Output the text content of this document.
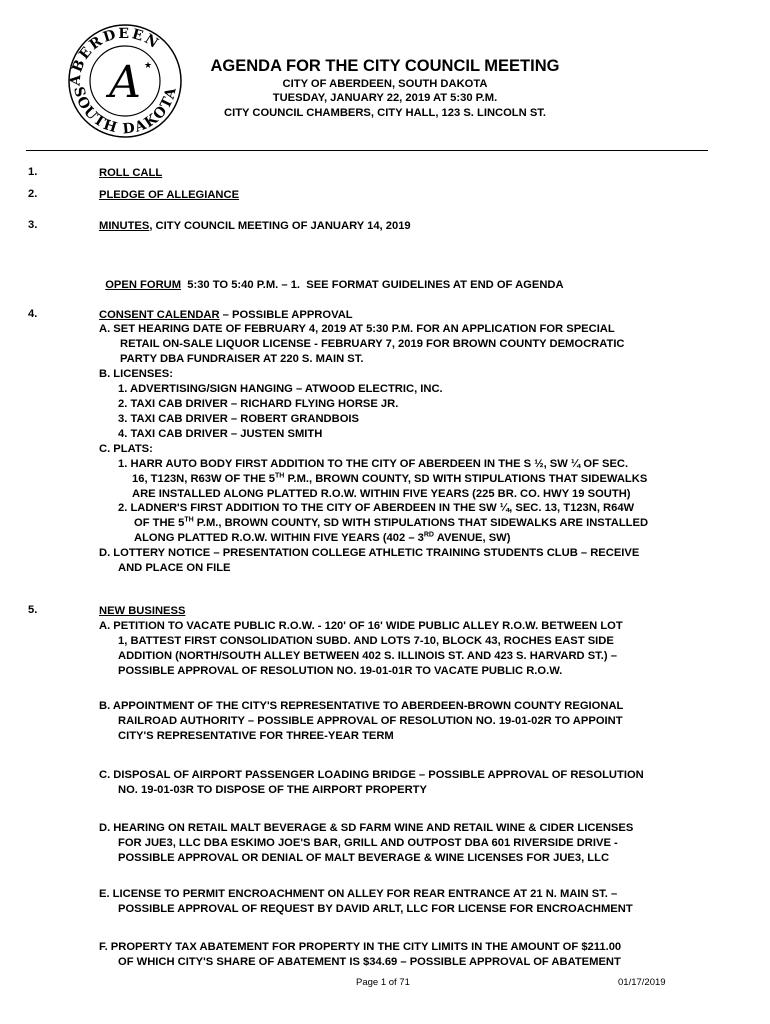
ABERDEEN
SOUTH DAKOTA
A ★	AGENDA FOR THE CITY COUNCIL MEETING
CITY OF ABERDEEN, SOUTH DAKOTA
TUESDAY, JANUARY 22, 2019 AT 5:30 P.M.
CITY COUNCIL CHAMBERS, CITY HALL, 123 S. LINCOLN ST.
1.	ROLL CALL
2.	PLEDGE OF ALLEGIANCE
3.	MINUTES, CITY COUNCIL MEETING OF JANUARY 14, 2019

OPEN FORUM  5:30 TO 5:40 P.M. – 1.  SEE FORMAT GUIDELINES AT END OF AGENDA

4.	CONSENT CALENDAR – POSSIBLE APPROVAL
A. SET HEARING DATE OF FEBRUARY 4, 2019 AT 5:30 P.M. FOR AN APPLICATION FOR SPECIAL
RETAIL ON-SALE LIQUOR LICENSE - FEBRUARY 7, 2019 FOR BROWN COUNTY DEMOCRATIC
PARTY DBA FUNDRAISER AT 220 S. MAIN ST.
B. LICENSES:
1. ADVERTISING/SIGN HANGING – ATWOOD ELECTRIC, INC.
2. TAXI CAB DRIVER – RICHARD FLYING HORSE JR.
3. TAXI CAB DRIVER – ROBERT GRANDBOIS
4. TAXI CAB DRIVER – JUSTEN SMITH
C. PLATS:
1. HARR AUTO BODY FIRST ADDITION TO THE CITY OF ABERDEEN IN THE S ½, SW ¼ OF SEC.
16, T123N, R63W OF THE 5TH P.M., BROWN COUNTY, SD WITH STIPULATIONS THAT SIDEWALKS
ARE INSTALLED ALONG PLATTED R.O.W. WITHIN FIVE YEARS (225 BR. CO. HWY 19 SOUTH)
2. LADNER'S FIRST ADDITION TO THE CITY OF ABERDEEN IN THE SW ¼, SEC. 13, T123N, R64W
OF THE 5TH P.M., BROWN COUNTY, SD WITH STIPULATIONS THAT SIDEWALKS ARE INSTALLED
ALONG PLATTED R.O.W. WITHIN FIVE YEARS (402 – 3RD AVENUE, SW)
D. LOTTERY NOTICE – PRESENTATION COLLEGE ATHLETIC TRAINING STUDENTS CLUB – RECEIVE
AND PLACE ON FILE
5.	NEW BUSINESS
A. PETITION TO VACATE PUBLIC R.O.W. - 120' OF 16' WIDE PUBLIC ALLEY R.O.W. BETWEEN LOT
1, BATTEST FIRST CONSOLIDATION SUBD. AND LOTS 7-10, BLOCK 43, ROCHES EAST SIDE
ADDITION (NORTH/SOUTH ALLEY BETWEEN 402 S. ILLINOIS ST. AND 423 S. HARVARD ST.) –
POSSIBLE APPROVAL OF RESOLUTION NO. 19-01-01R TO VACATE PUBLIC R.O.W.
B. APPOINTMENT OF THE CITY'S REPRESENTATIVE TO ABERDEEN-BROWN COUNTY REGIONAL
RAILROAD AUTHORITY – POSSIBLE APPROVAL OF RESOLUTION NO. 19-01-02R TO APPOINT
CITY'S REPRESENTATIVE FOR THREE-YEAR TERM
C. DISPOSAL OF AIRPORT PASSENGER LOADING BRIDGE – POSSIBLE APPROVAL OF RESOLUTION
NO. 19-01-03R TO DISPOSE OF THE AIRPORT PROPERTY
D. HEARING ON RETAIL MALT BEVERAGE & SD FARM WINE AND RETAIL WINE & CIDER LICENSES
FOR JUE3, LLC DBA ESKIMO JOE'S BAR, GRILL AND OUTPOST DBA 601 RIVERSIDE DRIVE -
POSSIBLE APPROVAL OR DENIAL OF MALT BEVERAGE & WINE LICENSES FOR JUE3, LLC
E. LICENSE TO PERMIT ENCROACHMENT ON ALLEY FOR REAR ENTRANCE AT 21 N. MAIN ST. –
POSSIBLE APPROVAL OF REQUEST BY DAVID ARLT, LLC FOR LICENSE FOR ENCROACHMENT
F. PROPERTY TAX ABATEMENT FOR PROPERTY IN THE CITY LIMITS IN THE AMOUNT OF $211.00
OF WHICH CITY'S SHARE OF ABATEMENT IS $34.69 – POSSIBLE APPROVAL OF ABATEMENT
Page 1 of 71	01/17/2019
